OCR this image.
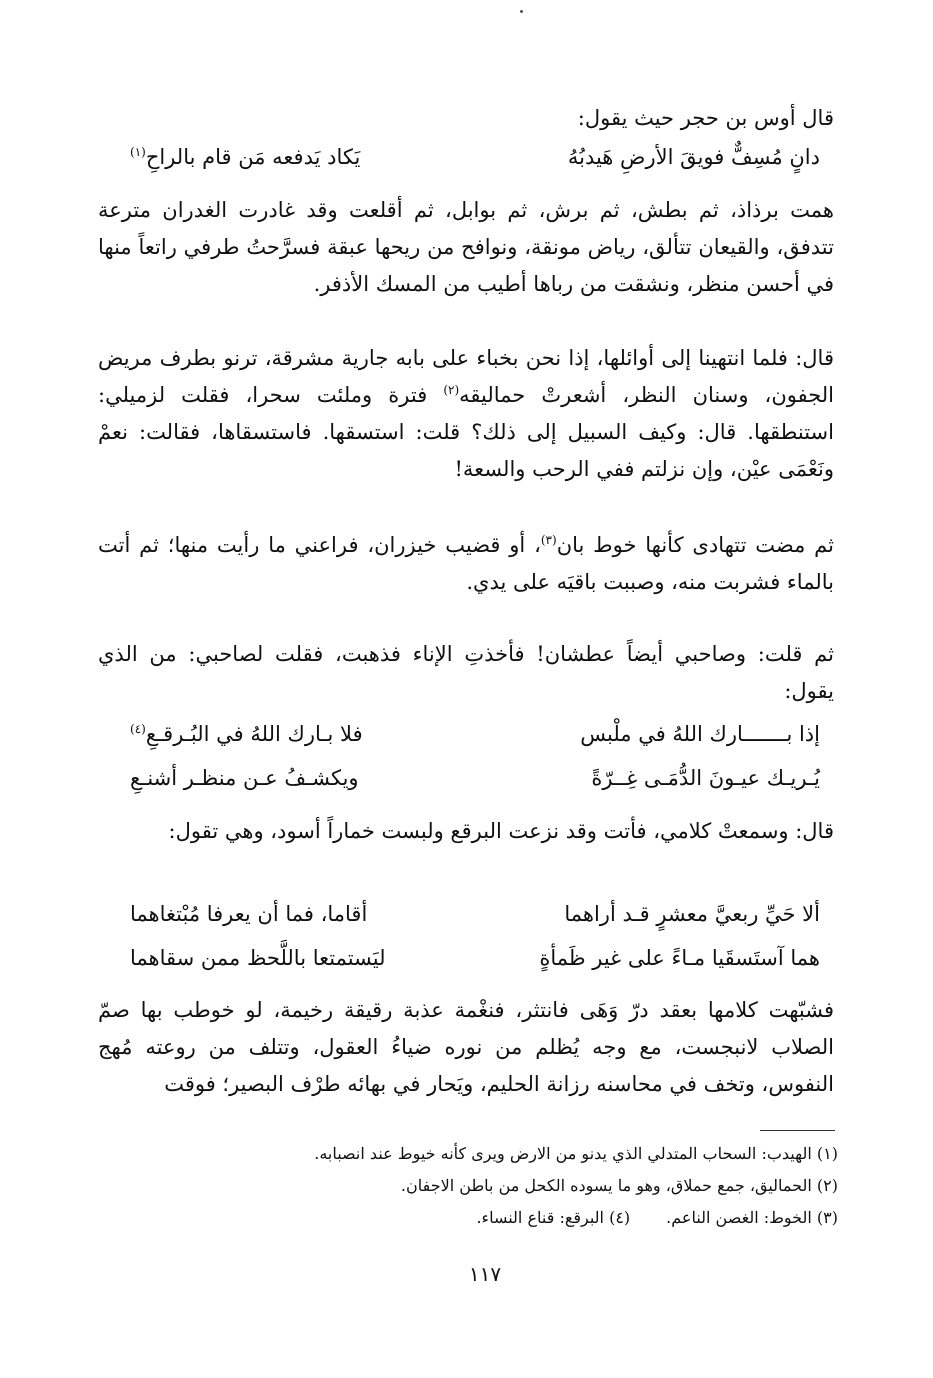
قال أوس بن حجر حيث يقول:
دانٍ مُسِفٌّ فويقَ الأرضِ هَيدبُهُ
يَكاد يَدفعه مَن قام بالراحِ$^{(١)}$
همت برذاذ، ثم بطش، ثم برش، ثم بوابل، ثم أقلعت وقد غادرت الغدران مترعة تتدفق، والقيعان تتألق، رياض مونقة، ونوافح من ريحها عبقة فسرَّحتُ طرفي راتعاً منها في أحسن منظر، ونشقت من رباها أطيب من المسك الأذفر.
قال: فلما انتهينا إلى أوائلها، إذا نحن بخباء على بابه جارية مشرقة، ترنو بطرف مريض الجفون، وسنان النظر، أشعرتْ حماليقه$^{(٢)}$ فترة وملئت سحرا، فقلت لزميلي: استنطقها. قال: وكيف السبيل إلى ذلك؟ قلت: استسقها. فاستسقاها، فقالت: نعمْ ونَعْمَى عيْن، وإن نزلتم ففي الرحب والسعة!
ثم مضت تتهادى كأنها خوط بان$^{(٣)}$، أو قضيب خيزران، فراعني ما رأيت منها؛ ثم أتت بالماء فشربت منه، وصببت باقيَه على يدي.
ثم قلت: وصاحبي أيضاً عطشان! فأخذتِ الإناء فذهبت، فقلت لصاحبي: من الذي يقول:
إذا بـــــــارك اللهُ في ملْبس
فلا بـارك اللهُ في البُـرقـعِ$^{(٤)}$
يُـريـك عيـونَ الدُّمَـى غِــرّةً
ويكشـفُ عـن منظـر أشنـعِ
قال: وسمعتْ كلامي، فأتت وقد نزعت البرقع ولبست خماراً أسود، وهي تقول:
ألا حَيِّ ربعيَّ معشرٍ قـد أراهما
أقاما، فما أن يعرفا مُبْتغاهما
هما آستَسقَيا مـاءً على غير ظَمأةٍ
ليَستمتعا باللَّحظ ممن سقاهما
فشبّهت كلامها بعقد درّ وَهَى فانتثر، فنغْمة عذبة رقيقة رخيمة، لو خوطب بها صمّ الصلاب لانبجست، مع وجه يُظلم من نوره ضياءُ العقول، وتتلف من روعته مُهج النفوس، وتخف في محاسنه رزانة الحليم، ويَحار في بهائه طرْف البصير؛ فوقت
(١) الهيدب: السحاب المتدلي الذي يدنو من الارض ويرى كأنه خيوط عند انصبابه.
(٢) الحماليق، جمع حملاق، وهو ما يسوده الكحل من باطن الاجفان.
(٣) الخوط: الغصن الناعم.
(٤) البرقع: قناع النساء.
١١٧
